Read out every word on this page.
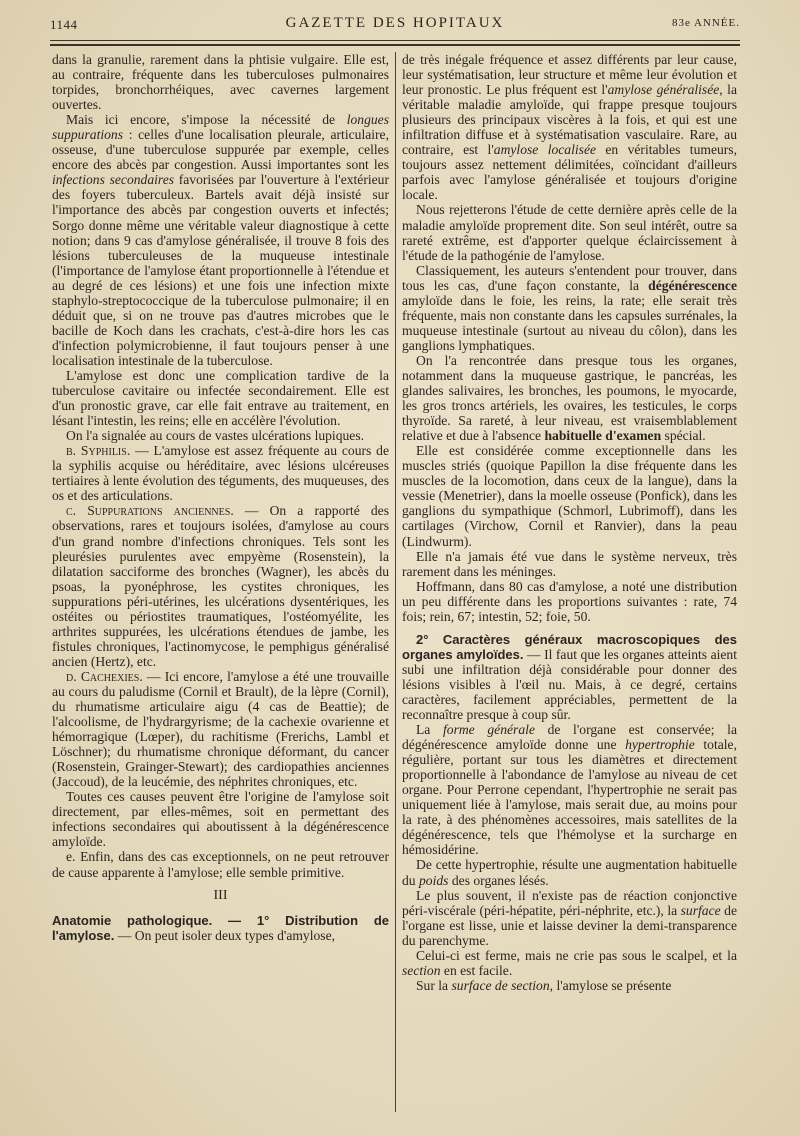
1144	GAZETTE DES HOPITAUX	83e ANNÉE.

dans la granulie, rarement dans la phtisie vulgaire. Elle est, au contraire, fréquente dans les tuberculoses pulmonaires torpides, bronchorrhéiques, avec cavernes largement ouvertes.

Mais ici encore, s'impose la nécessité de longues suppurations : celles d'une localisation pleurale, articulaire, osseuse, d'une tuberculose suppurée par exemple, celles encore des abcès par congestion. Aussi importantes sont les infections secondaires favorisées par l'ouverture à l'extérieur des foyers tuberculeux. Bartels avait déjà insisté sur l'importance des abcès par congestion ouverts et infectés; Sorgo donne même une véritable valeur diagnostique à cette notion; dans 9 cas d'amylose généralisée, il trouve 8 fois des lésions tuberculeuses de la muqueuse intestinale (l'importance de l'amylose étant proportionnelle à l'étendue et au degré de ces lésions) et une fois une infection mixte staphylo-streptococcique de la tuberculose pulmonaire; il en déduit que, si on ne trouve pas d'autres microbes que le bacille de Koch dans les crachats, c'est-à-dire hors les cas d'infection polymicrobienne, il faut toujours penser à une localisation intestinale de la tuberculose.

L'amylose est donc une complication tardive de la tuberculose cavitaire ou infectée secondairement. Elle est d'un pronostic grave, car elle fait entrave au traitement, en lésant l'intestin, les reins; elle en accélère l'évolution.

On l'a signalée au cours de vastes ulcérations lupiques.

b. Syphilis. — L'amylose est assez fréquente au cours de la syphilis acquise ou héréditaire, avec lésions ulcéreuses tertiaires à lente évolution des téguments, des muqueuses, des os et des articulations.

c. Suppurations anciennes. — On a rapporté des observations, rares et toujours isolées, d'amylose au cours d'un grand nombre d'infections chroniques. Tels sont les pleurésies purulentes avec empyème (Rosenstein), la dilatation sacciforme des bronches (Wagner), les abcès du psoas, la pyonéphrose, les cystites chroniques, les suppurations péri-utérines, les ulcérations dysentériques, les ostéites ou périostites traumatiques, l'ostéomyélite, les arthrites suppurées, les ulcérations étendues de jambe, les fistules chroniques, l'actinomycose, le pemphigus généralisé ancien (Hertz), etc.

d. Cachexies. — Ici encore, l'amylose a été une trouvaille au cours du paludisme (Cornil et Brault), de la lèpre (Cornil), du rhumatisme articulaire aigu (4 cas de Beattie); de l'alcoolisme, de l'hydrargyrisme; de la cachexie ovarienne et hémorragique (Lœper), du rachitisme (Frerichs, Lambl et Löschner); du rhumatisme chronique déformant, du cancer (Rosenstein, Grainger-Stewart); des cardiopathies anciennes (Jaccoud), de la leucémie, des néphrites chroniques, etc.

Toutes ces causes peuvent être l'origine de l'amylose soit directement, par elles-mêmes, soit en permettant des infections secondaires qui aboutissent à la dégénérescence amyloïde.

e. Enfin, dans des cas exceptionnels, on ne peut retrouver de cause apparente à l'amylose; elle semble primitive.

III

Anatomie pathologique. — 1° Distribution de l'amylose. — On peut isoler deux types d'amylose,

de très inégale fréquence et assez différents par leur cause, leur systématisation, leur structure et même leur évolution et leur pronostic. Le plus fréquent est l'amylose généralisée, la véritable maladie amyloïde, qui frappe presque toujours plusieurs des principaux viscères à la fois, et qui est une infiltration diffuse et à systématisation vasculaire. Rare, au contraire, est l'amylose localisée en véritables tumeurs, toujours assez nettement délimitées, coïncidant d'ailleurs parfois avec l'amylose généralisée et toujours d'origine locale.

Nous rejetterons l'étude de cette dernière après celle de la maladie amyloïde proprement dite. Son seul intérêt, outre sa rareté extrême, est d'apporter quelque éclaircissement à l'étude de la pathogénie de l'amylose.

Classiquement, les auteurs s'entendent pour trouver, dans tous les cas, d'une façon constante, la dégénérescence amyloïde dans le foie, les reins, la rate; elle serait très fréquente, mais non constante dans les capsules surrénales, la muqueuse intestinale (surtout au niveau du côlon), dans les ganglions lymphatiques.

On l'a rencontrée dans presque tous les organes, notamment dans la muqueuse gastrique, le pancréas, les glandes salivaires, les bronches, les poumons, le myocarde, les gros troncs artériels, les ovaires, les testicules, le corps thyroïde. Sa rareté, à leur niveau, est vraisemblablement relative et due à l'absence habituelle d'examen spécial.

Elle est considérée comme exceptionnelle dans les muscles striés (quoique Papillon la dise fréquente dans les muscles de la locomotion, dans ceux de la langue), dans la vessie (Menetrier), dans la moelle osseuse (Ponfick), dans les ganglions du sympathique (Schmorl, Lubrimoff), dans les cartilages (Virchow, Cornil et Ranvier), dans la peau (Lindwurm).

Elle n'a jamais été vue dans le système nerveux, très rarement dans les méninges.

Hoffmann, dans 80 cas d'amylose, a noté une distribution un peu différente dans les proportions suivantes : rate, 74 fois; rein, 67; intestin, 52; foie, 50.

2° Caractères généraux macroscopiques des organes amyloïdes. — Il faut que les organes atteints aient subi une infiltration déjà considérable pour donner des lésions visibles à l'œil nu. Mais, à ce degré, certains caractères, facilement appréciables, permettent de la reconnaître presque à coup sûr.

La forme générale de l'organe est conservée; la dégénérescence amyloïde donne une hypertrophie totale, régulière, portant sur tous les diamètres et directement proportionnelle à l'abondance de l'amylose au niveau de cet organe. Pour Perrone cependant, l'hypertrophie ne serait pas uniquement liée à l'amylose, mais serait due, au moins pour la rate, à des phénomènes accessoires, mais satellites de la dégénérescence, tels que l'hémolyse et la surcharge en hémosidérine.

De cette hypertrophie, résulte une augmentation habituelle du poids des organes lésés.

Le plus souvent, il n'existe pas de réaction conjonctive péri-viscérale (péri-hépatite, péri-néphrite, etc.), la surface de l'organe est lisse, unie et laisse deviner la demi-transparence du parenchyme.

Celui-ci est ferme, mais ne crie pas sous le scalpel, et la section en est facile.

Sur la surface de section, l'amylose se présente
